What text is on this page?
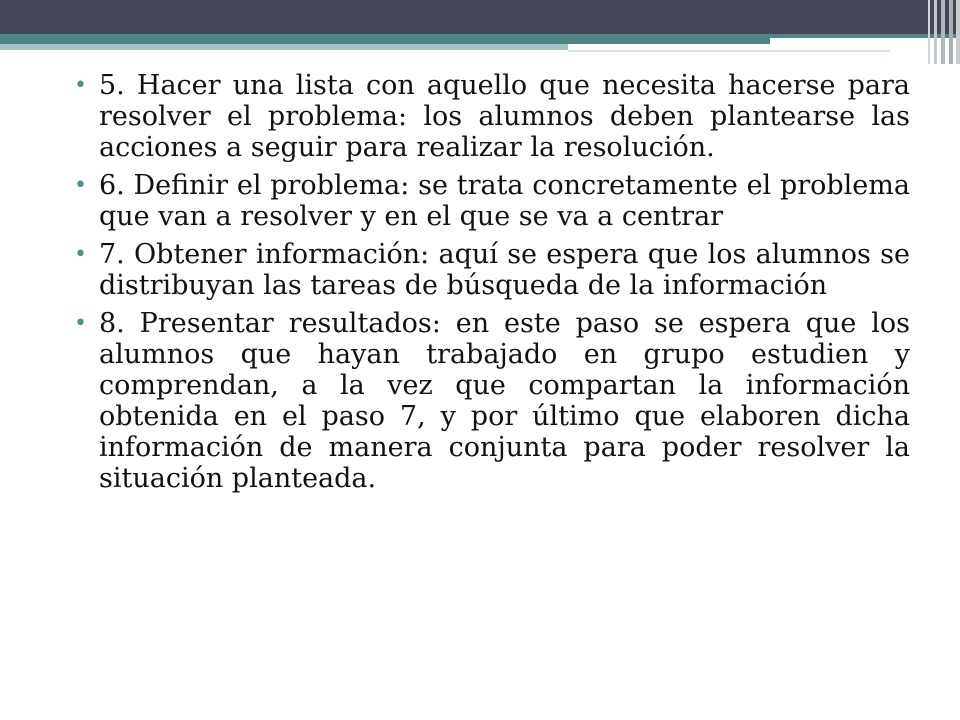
• 5. Hacer una lista con aquello que necesita hacerse para resolver el problema: los alumnos deben plantearse las acciones a seguir para realizar la resolución.
• 6. Definir el problema: se trata concretamente el problema que van a resolver y en el que se va a centrar
• 7. Obtener información: aquí se espera que los alumnos se distribuyan las tareas de búsqueda de la información
• 8. Presentar resultados: en este paso se espera que los alumnos que hayan trabajado en grupo estudien y comprendan, a la vez que compartan la información obtenida en el paso 7, y por último que elaboren dicha información de manera conjunta para poder resolver la situación planteada.
